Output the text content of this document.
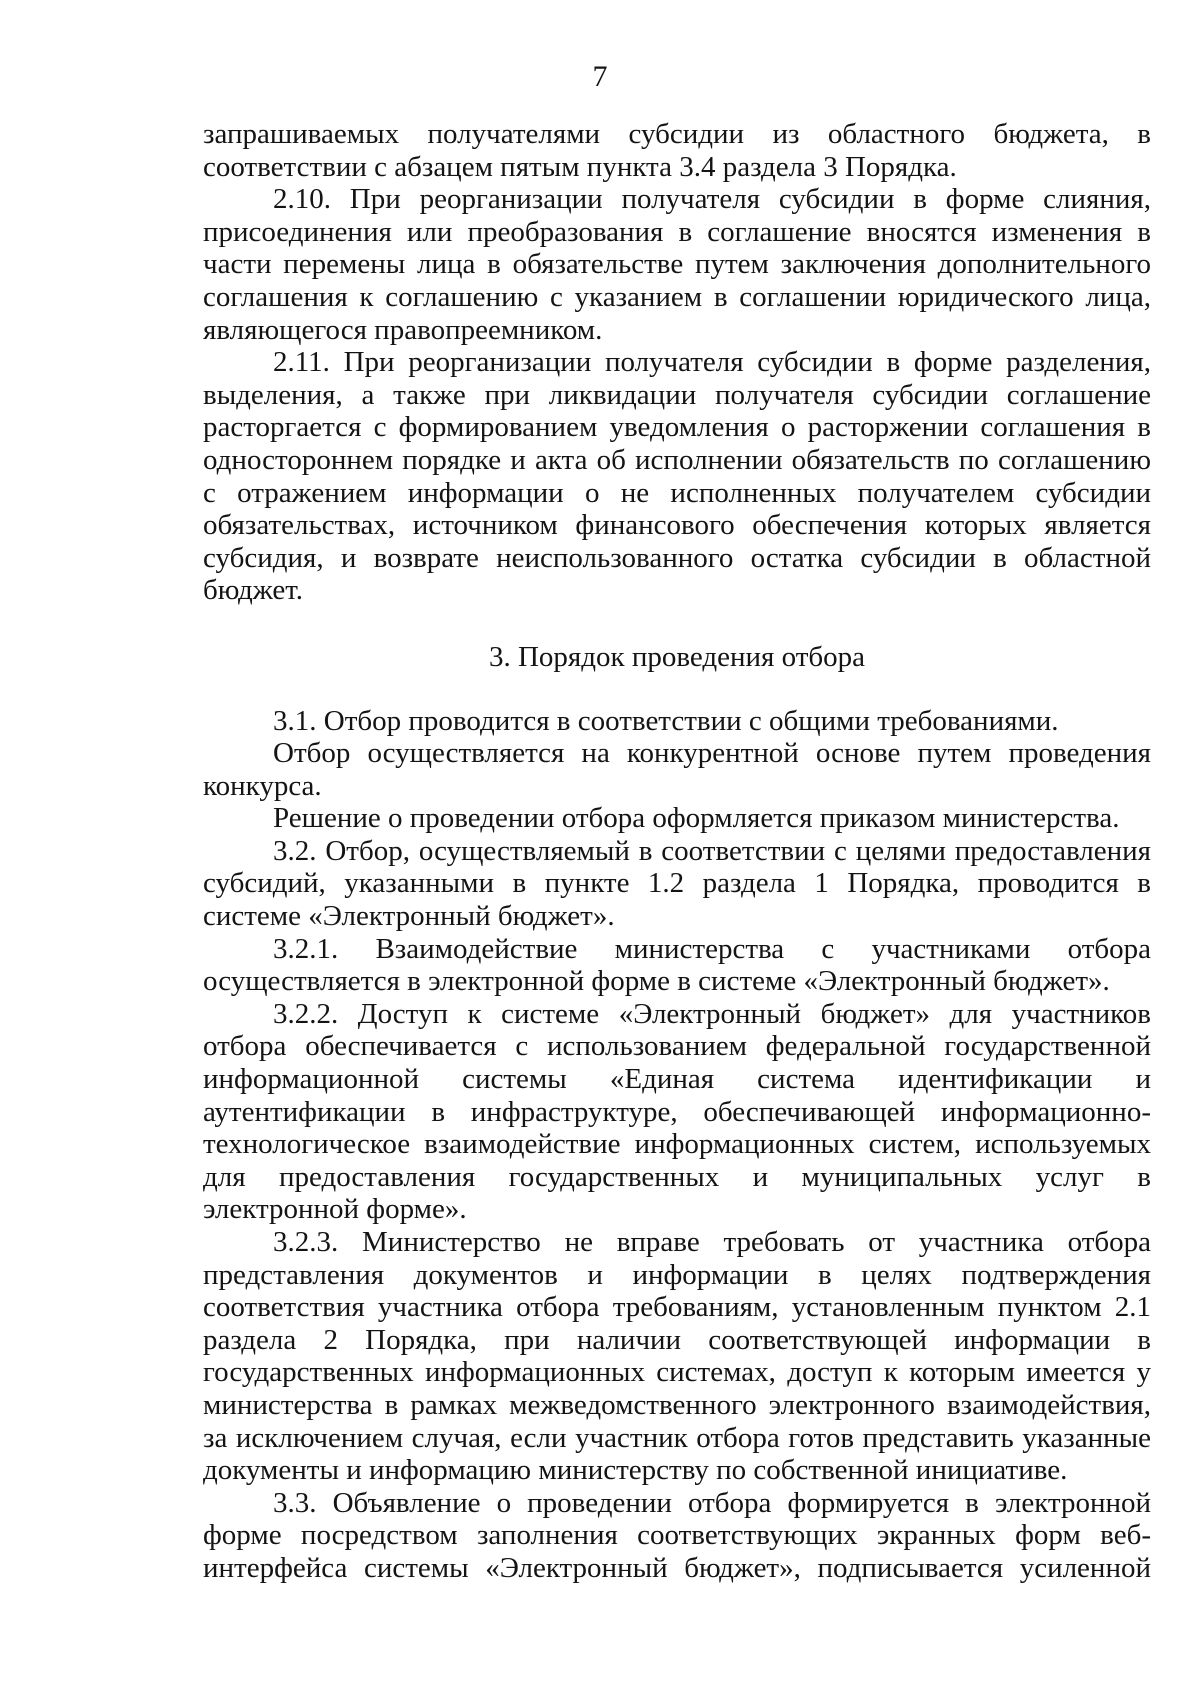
7

запрашиваемых получателями субсидии из областного бюджета, в соответствии с абзацем пятым пункта 3.4 раздела 3 Порядка.

2.10. При реорганизации получателя субсидии в форме слияния, присоединения или преобразования в соглашение вносятся изменения в части перемены лица в обязательстве путем заключения дополнительного соглашения к соглашению с указанием в соглашении юридического лица, являющегося правопреемником.

2.11. При реорганизации получателя субсидии в форме разделения, выделения, а также при ликвидации получателя субсидии соглашение расторгается с формированием уведомления о расторжении соглашения в одностороннем порядке и акта об исполнении обязательств по соглашению с отражением информации о не исполненных получателем субсидии обязательствах, источником финансового обеспечения которых является субсидия, и возврате неиспользованного остатка субсидии в областной бюджет.

3. Порядок проведения отбора

3.1. Отбор проводится в соответствии с общими требованиями.

Отбор осуществляется на конкурентной основе путем проведения конкурса.

Решение о проведении отбора оформляется приказом министерства.

3.2. Отбор, осуществляемый в соответствии с целями предоставления субсидий, указанными в пункте 1.2 раздела 1 Порядка, проводится в системе «Электронный бюджет».

3.2.1. Взаимодействие министерства с участниками отбора осуществляется в электронной форме в системе «Электронный бюджет».

3.2.2. Доступ к системе «Электронный бюджет» для участников отбора обеспечивается с использованием федеральной государственной информационной системы «Единая система идентификации и аутентификации в инфраструктуре, обеспечивающей информационно-технологическое взаимодействие информационных систем, используемых для предоставления государственных и муниципальных услуг в электронной форме».

3.2.3. Министерство не вправе требовать от участника отбора представления документов и информации в целях подтверждения соответствия участника отбора требованиям, установленным пунктом 2.1 раздела 2 Порядка, при наличии соответствующей информации в государственных информационных системах, доступ к которым имеется у министерства в рамках межведомственного электронного взаимодействия, за исключением случая, если участник отбора готов представить указанные документы и информацию министерству по собственной инициативе.

3.3. Объявление о проведении отбора формируется в электронной форме посредством заполнения соответствующих экранных форм веб-интерфейса системы «Электронный бюджет», подписывается усиленной
